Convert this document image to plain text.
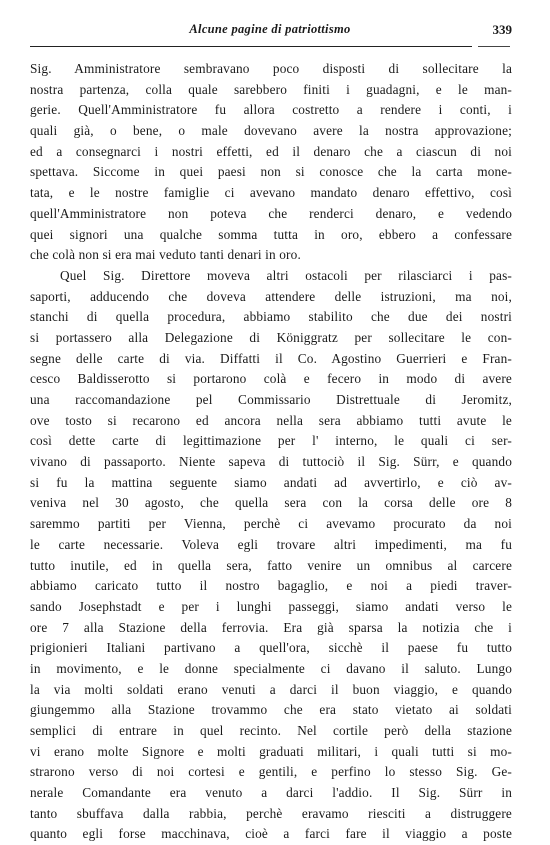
Alcune pagine di patriottismo	339
Sig. Amministratore sembravano poco disposti di sollecitare la
nostra partenza, colla quale sarebbero finiti i guadagni, e le man-
gerie. Quell'Amministratore fu allora costretto a rendere i conti, i
quali già, o bene, o male dovevano avere la nostra approvazione;
ed a consegnarci i nostri effetti, ed il denaro che a ciascun di noi
spettava. Siccome in quei paesi non si conosce che la carta mone-
tata, e le nostre famiglie ci avevano mandato denaro effettivo, così
quell'Amministratore non poteva che renderci denaro, e vedendo
quei signori una qualche somma tutta in oro, ebbero a confessare
che colà non si era mai veduto tanti denari in oro.
Quel Sig. Direttore moveva altri ostacoli per rilasciarci i pas-
saporti, adducendo che doveva attendere delle istruzioni, ma noi,
stanchi di quella procedura, abbiamo stabilito che due dei nostri
si portassero alla Delegazione di Königgratz per sollecitare le con-
segne delle carte di via. Diffatti il Co. Agostino Guerrieri e Fran-
cesco Baldisserotto si portarono colà e fecero in modo di avere
una raccomandazione pel Commissario Distrettuale di Jeromitz,
ove tosto si recarono ed ancora nella sera abbiamo tutti avute le
così dette carte di legittimazione per l' interno, le quali ci ser-
vivano di passaporto. Niente sapeva di tuttociò il Sig. Sürr, e quando
si fu la mattina seguente siamo andati ad avvertirlo, e ciò av-
veniva nel 30 agosto, che quella sera con la corsa delle ore 8
saremmo partiti per Vienna, perchè ci avevamo procurato da noi
le carte necessarie. Voleva egli trovare altri impedimenti, ma fu
tutto inutile, ed in quella sera, fatto venire un omnibus al carcere
abbiamo caricato tutto il nostro bagaglio, e noi a piedi traver-
sando Josephstadt e per i lunghi passeggi, siamo andati verso le
ore 7 alla Stazione della ferrovia. Era già sparsa la notizia che i
prigionieri Italiani partivano a quell'ora, sicchè il paese fu tutto
in movimento, e le donne specialmente ci davano il saluto. Lungo
la via molti soldati erano venuti a darci il buon viaggio, e quando
giungemmo alla Stazione trovammo che era stato vietato ai soldati
semplici di entrare in quel recinto. Nel cortile però della stazione
vi erano molte Signore e molti graduati militari, i quali tutti si mo-
strarono verso di noi cortesi e gentili, e perfino lo stesso Sig. Ge-
nerale Comandante era venuto a darci l'addio. Il Sig. Sürr in
tanto sbuffava dalla rabbia, perchè eravamo riesciti a distruggere
quanto egli forse macchinava, cioè a farci fare il viaggio a poste
